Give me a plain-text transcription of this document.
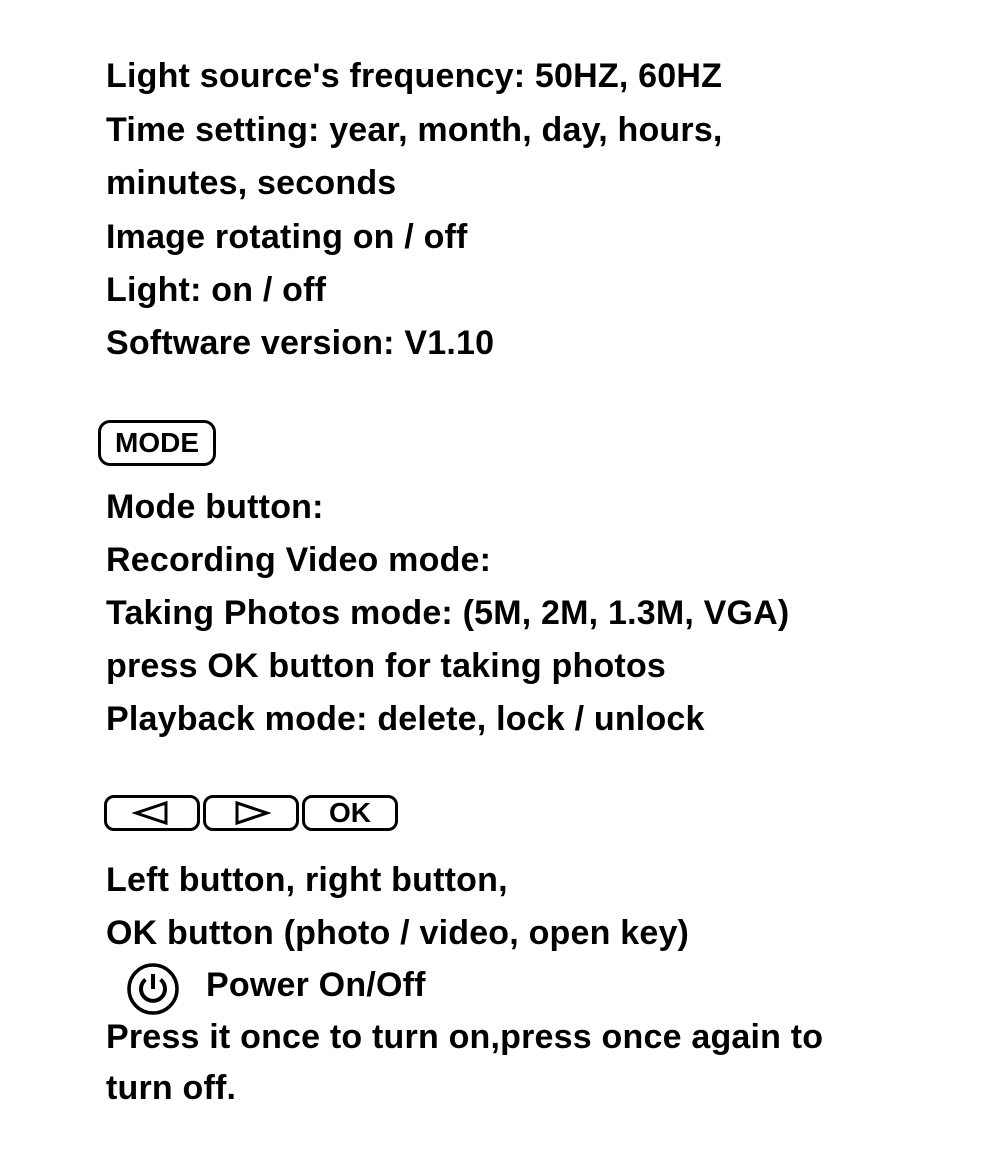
Light source's frequency: 50HZ, 60HZ
Time setting: year, month, day, hours,
minutes, seconds
Image rotating on / off
Light: on / off
Software version: V1.10
MODE
Mode button:
Recording Video mode:
Taking Photos mode: (5M, 2M, 1.3M, VGA)
press OK button for taking photos
Playback mode: delete, lock / unlock
OK
Left button, right button,
OK button (photo / video, open key)
Power On/Off
Press it once to turn on,press once again to
turn off.
